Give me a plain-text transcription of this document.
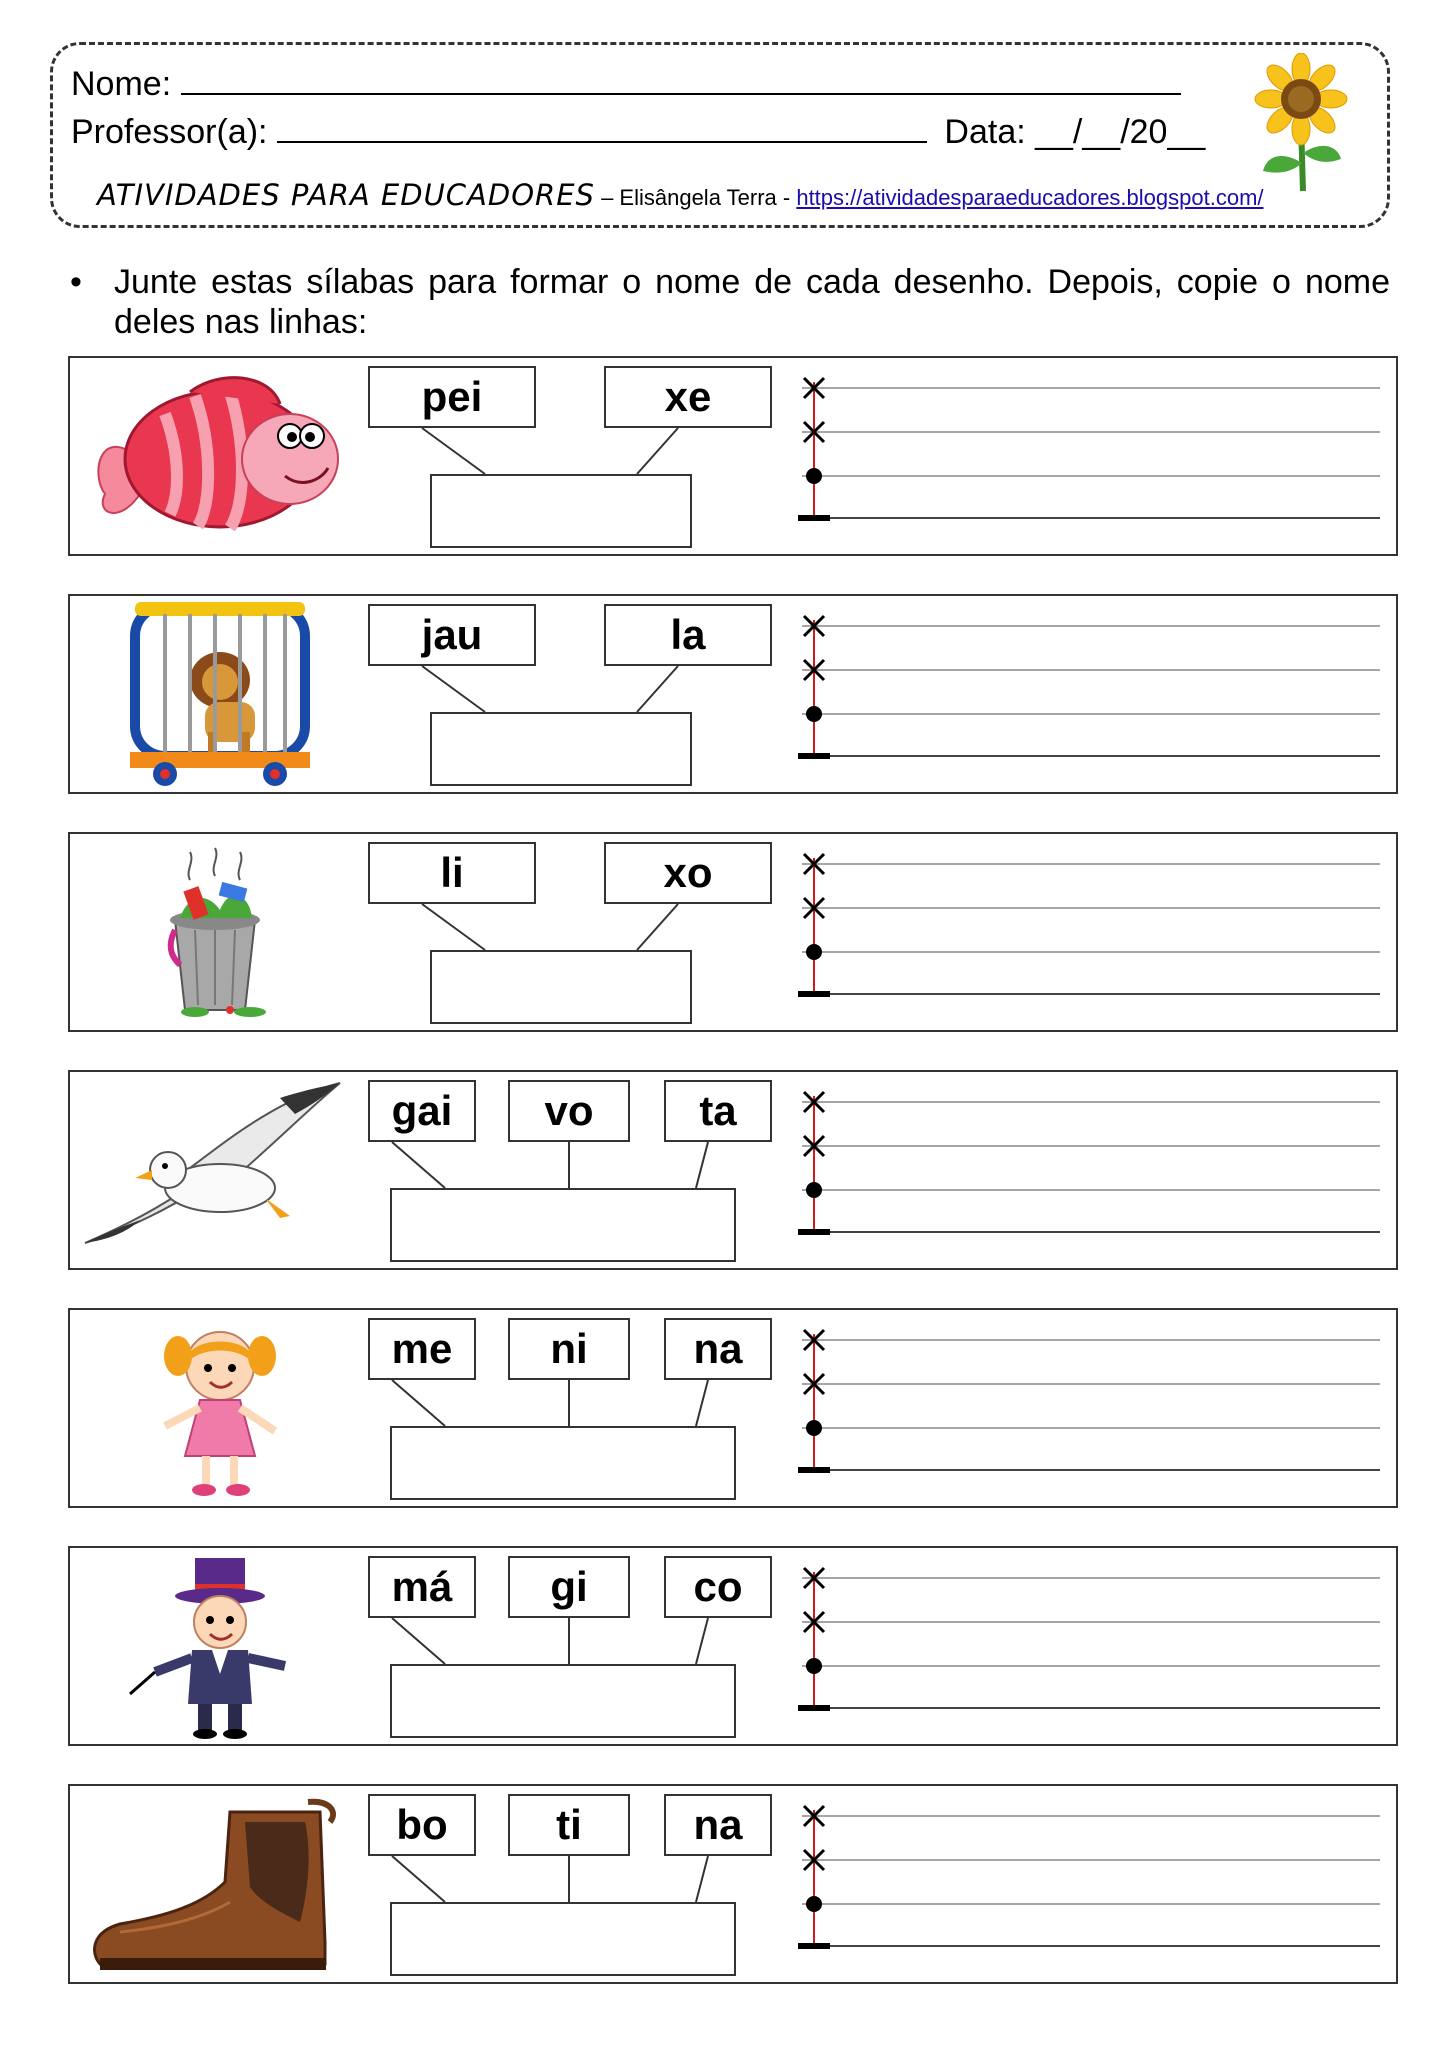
Nome:
Professor(a):	Data: __/__/20__
ATIVIDADES PARA EDUCADORES – Elisângela Terra - https://atividadesparaeducadores.blogspot.com/
• Junte estas sílabas para formar o nome de cada desenho. Depois, copie o nome deles nas linhas:
pei	xe
jau	la
li	xo
gai	vo	ta
me	ni	na
má	gi	co
bo	ti	na
